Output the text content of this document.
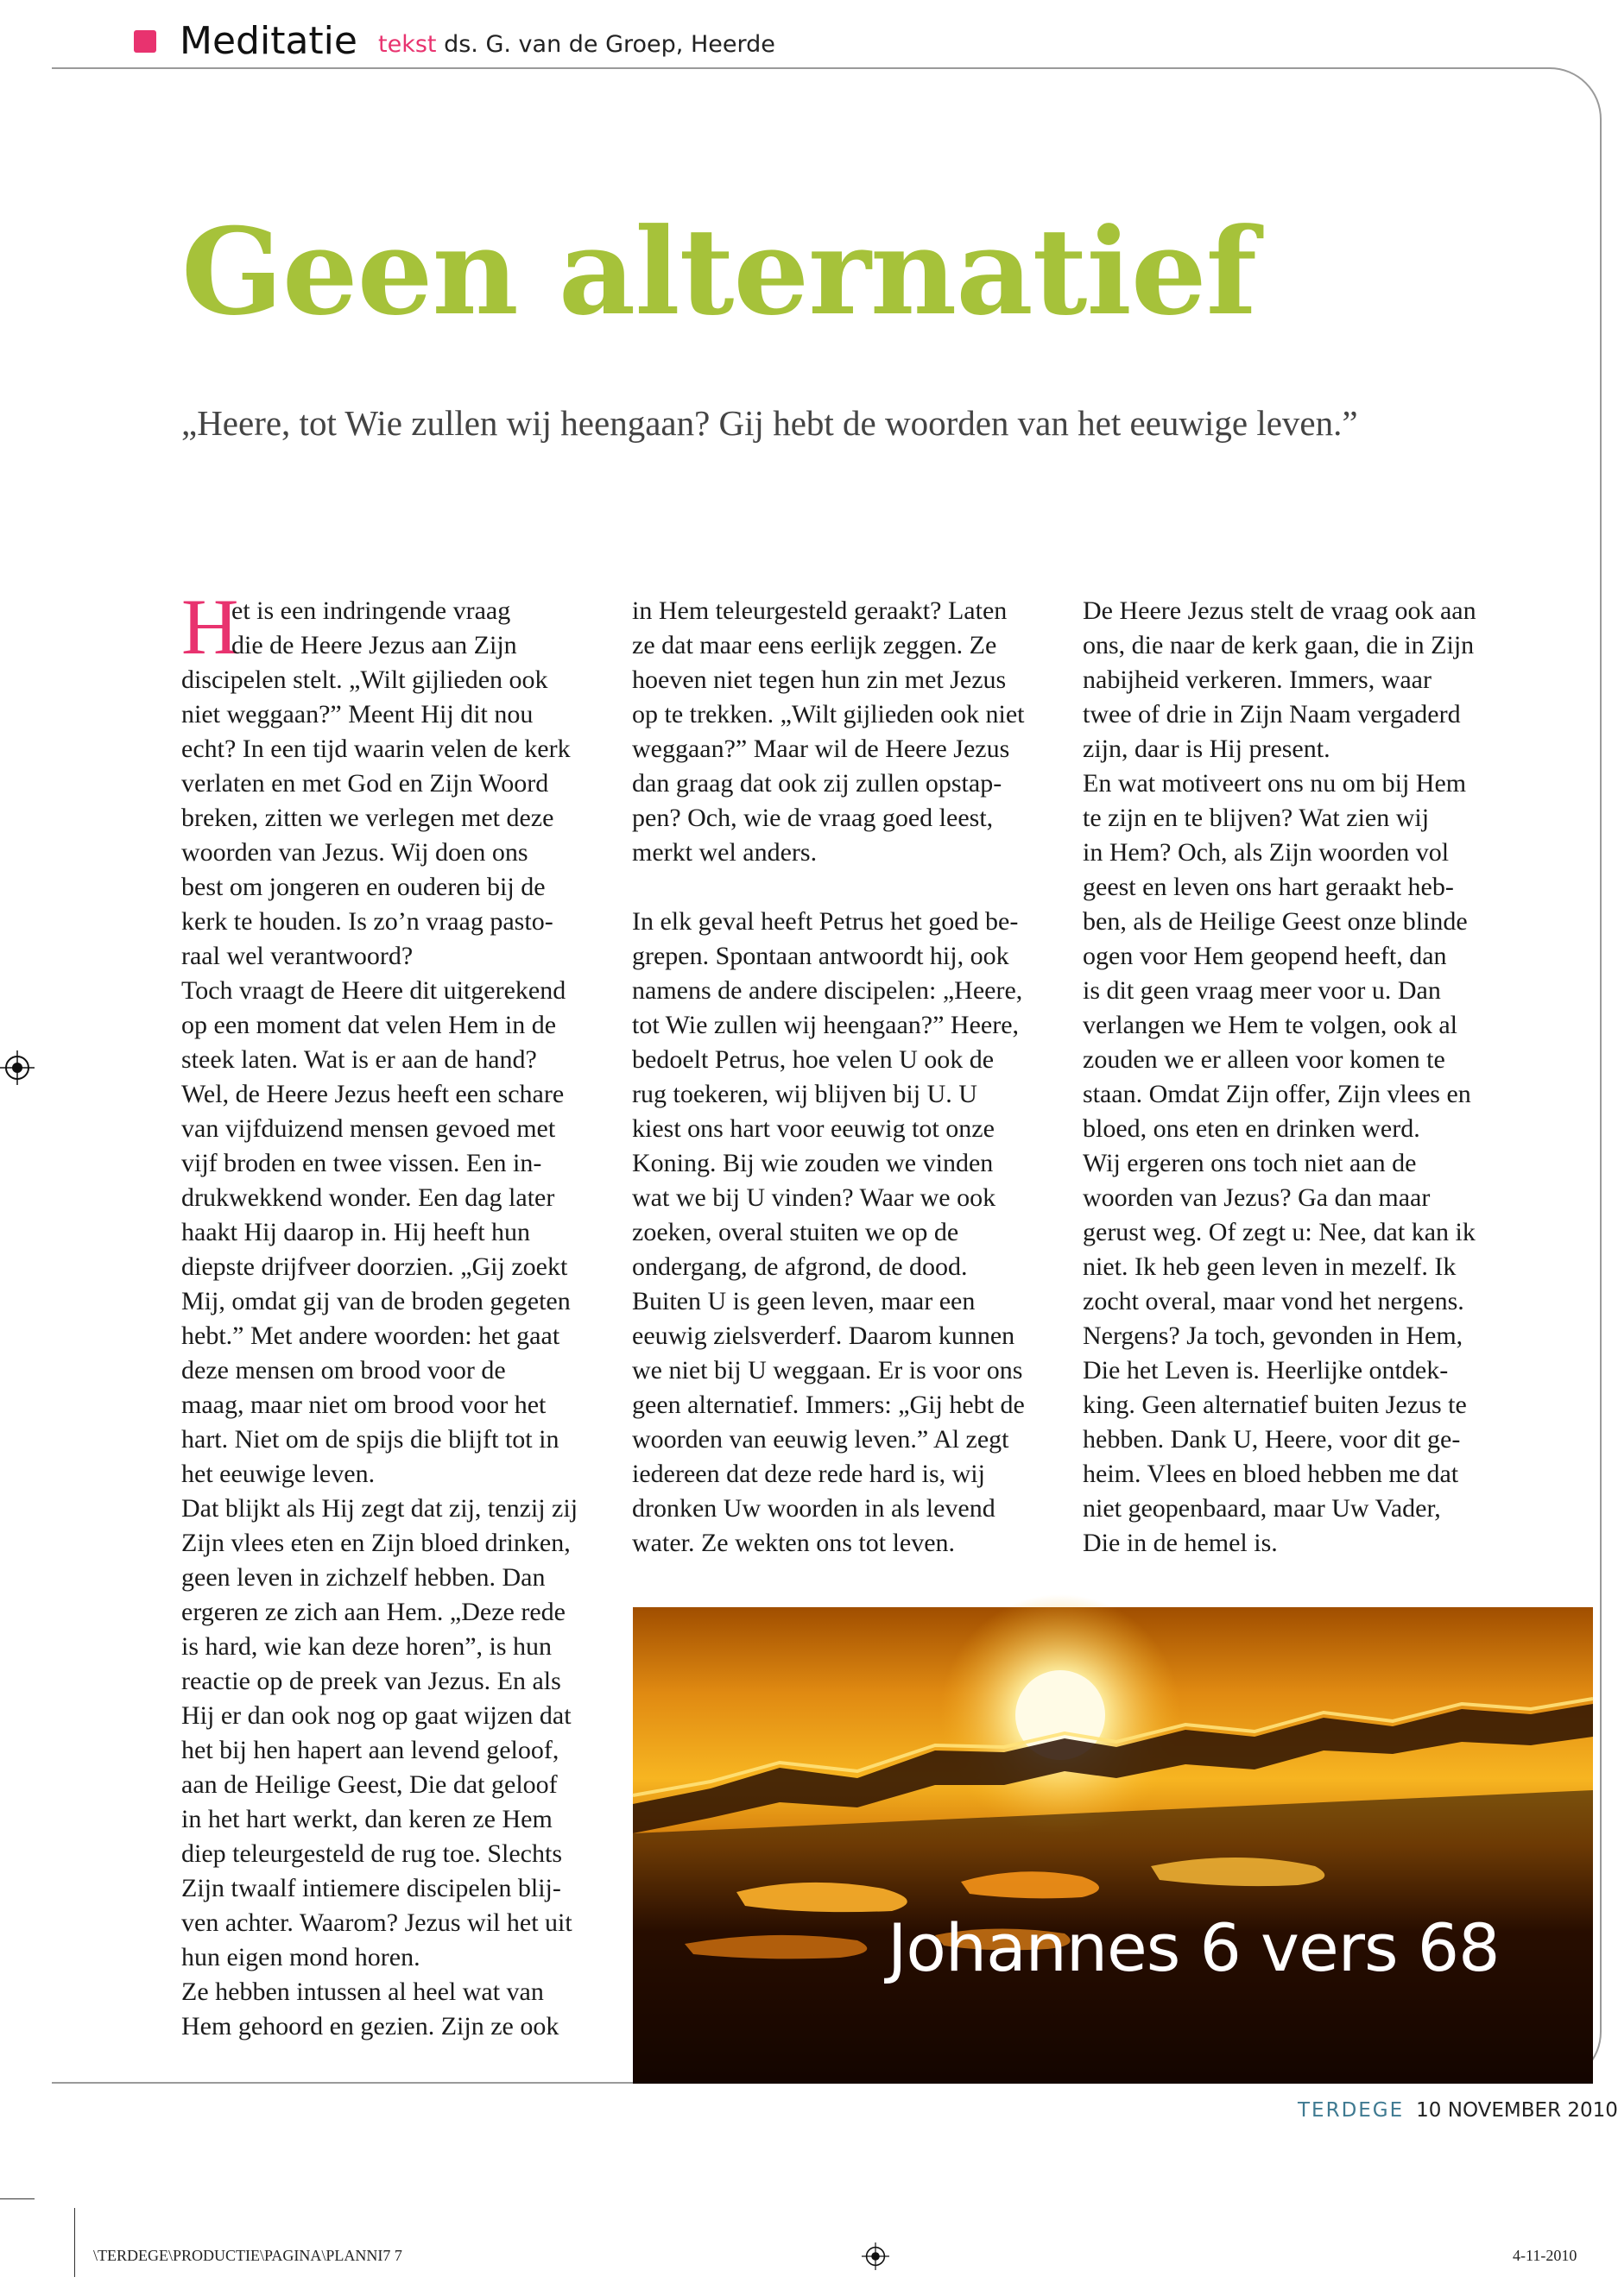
Meditatie tekst ds. G. van de Groep, Heerde
Geen alternatief
„Heere, tot Wie zullen wij heengaan? Gij hebt de woorden van het eeuwige leven.”
H

et is een indringende vraag

die de Heere Jezus aan Zijn

discipelen stelt. „Wilt gijlieden ook

niet weggaan?” Meent Hij dit nou

echt? In een tijd waarin velen de kerk

verlaten en met God en Zijn Woord

breken, zitten we verlegen met deze

woorden van Jezus. Wij doen ons

best om jongeren en ouderen bij de

kerk te houden. Is zo’n vraag pasto-

raal wel verantwoord?

Toch vraagt de Heere dit uitgerekend

op een moment dat velen Hem in de

steek laten. Wat is er aan de hand?

Wel, de Heere Jezus heeft een schare

van vijfduizend mensen gevoed met

vijf broden en twee vissen. Een in-

drukwekkend wonder. Een dag later

haakt Hij daarop in. Hij heeft hun

diepste drijfveer doorzien. „Gij zoekt

Mij, omdat gij van de broden gegeten

hebt.” Met andere woorden: het gaat

deze mensen om brood voor de

maag, maar niet om brood voor het

hart. Niet om de spijs die blijft tot in

het eeuwige leven.

Dat blijkt als Hij zegt dat zij, tenzij zij

Zijn vlees eten en Zijn bloed drinken,

geen leven in zichzelf hebben. Dan

ergeren ze zich aan Hem. „Deze rede

is hard, wie kan deze horen”, is hun

reactie op de preek van Jezus. En als

Hij er dan ook nog op gaat wijzen dat

het bij hen hapert aan levend geloof,

aan de Heilige Geest, Die dat geloof

in het hart werkt, dan keren ze Hem

diep teleurgesteld de rug toe. Slechts

Zijn twaalf intiemere discipelen blij-

ven achter. Waarom? Jezus wil het uit

hun eigen mond horen.

Ze hebben intussen al heel wat van

Hem gehoord en gezien. Zijn ze ook

in Hem teleurgesteld geraakt? Laten

ze dat maar eens eerlijk zeggen. Ze

hoeven niet tegen hun zin met Jezus

op te trekken. „Wilt gijlieden ook niet

weggaan?” Maar wil de Heere Jezus

dan graag dat ook zij zullen opstap-

pen? Och, wie de vraag goed leest,

merkt wel anders.

In elk geval heeft Petrus het goed be-

grepen. Spontaan antwoordt hij, ook

namens de andere discipelen: „Heere,

tot Wie zullen wij heengaan?” Heere,

bedoelt Petrus, hoe velen U ook de

rug toekeren, wij blijven bij U. U

kiest ons hart voor eeuwig tot onze

Koning. Bij wie zouden we vinden

wat we bij U vinden? Waar we ook

zoeken, overal stuiten we op de

ondergang, de afgrond, de dood.

Buiten U is geen leven, maar een

eeuwig zielsverderf. Daarom kunnen

we niet bij U weggaan. Er is voor ons

geen alternatief. Immers: „Gij hebt de

woorden van eeuwig leven.” Al zegt

iedereen dat deze rede hard is, wij

dronken Uw woorden in als levend

water. Ze wekten ons tot leven.

De Heere Jezus stelt de vraag ook aan

ons, die naar de kerk gaan, die in Zijn

nabijheid verkeren. Immers, waar

twee of drie in Zijn Naam vergaderd

zijn, daar is Hij present.

En wat motiveert ons nu om bij Hem

te zijn en te blijven? Wat zien wij

in Hem? Och, als Zijn woorden vol

geest en leven ons hart geraakt heb-

ben, als de Heilige Geest onze blinde

ogen voor Hem geopend heeft, dan

is dit geen vraag meer voor u. Dan

verlangen we Hem te volgen, ook al

zouden we er alleen voor komen te

staan. Omdat Zijn offer, Zijn vlees en

bloed, ons eten en drinken werd.

Wij ergeren ons toch niet aan de

woorden van Jezus? Ga dan maar

gerust weg. Of zegt u: Nee, dat kan ik

niet. Ik heb geen leven in mezelf. Ik

zocht overal, maar vond het nergens.

Nergens? Ja toch, gevonden in Hem,

Die het Leven is. Heerlijke ontdek-

king. Geen alternatief buiten Jezus te

hebben. Dank U, Heere, voor dit ge-

heim. Vlees en bloed hebben me dat

niet geopenbaard, maar Uw Vader,

Die in de hemel is.

Johannes 6 vers 68
TERDEGE 10 NOVEMBER 2010
\TERDEGE\PRODUCTIE\PAGINA\PLANNI7 7	4-11-2010
